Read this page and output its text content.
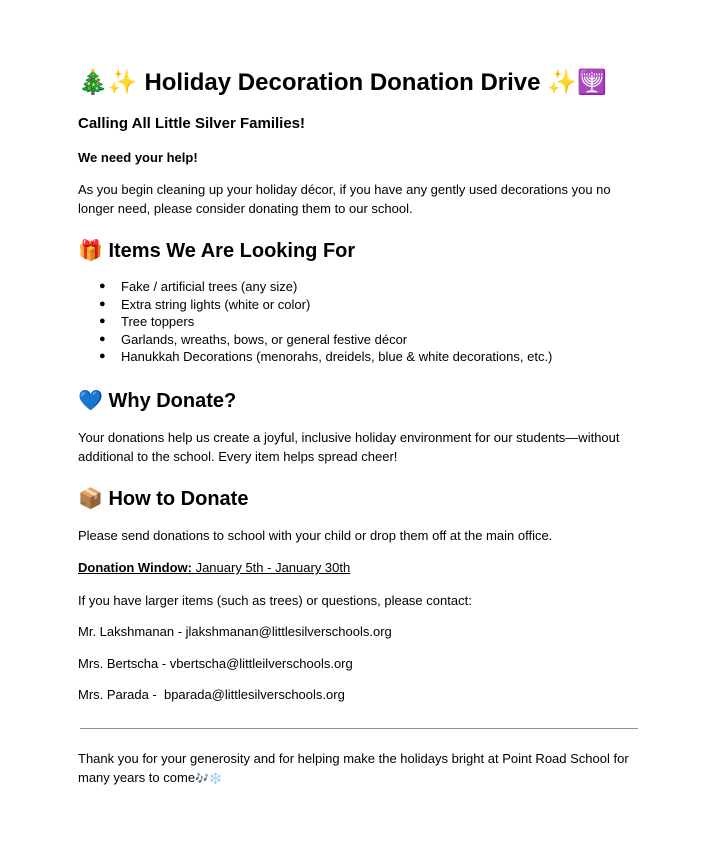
🎄✨ Holiday Decoration Donation Drive ✨🕎

Calling All Little Silver Families!

We need your help!

As you begin cleaning up your holiday décor, if you have any gently used decorations you no longer need, please consider donating them to our school.

🎁 Items We Are Looking For
● Fake / artificial trees (any size)
● Extra string lights (white or color)
● Tree toppers
● Garlands, wreaths, bows, or general festive décor
● Hanukkah Decorations (menorahs, dreidels, blue & white decorations, etc.)
💙 Why Donate?

Your donations help us create a joyful, inclusive holiday environment for our students—without additional to the school. Every item helps spread cheer!

📦 How to Donate

Please send donations to school with your child or drop them off at the main office.

Donation Window: January 5th - January 30th

If you have larger items (such as trees) or questions, please contact:

Mr. Lakshmanan - jlakshmanan@littlesilverschools.org

Mrs. Bertscha - vbertscha@littleilverschools.org

Mrs. Parada -  bparada@littlesilverschools.org

Thank you for your generosity and for helping make the holidays bright at Point Road School for many years to come🎶❄️
